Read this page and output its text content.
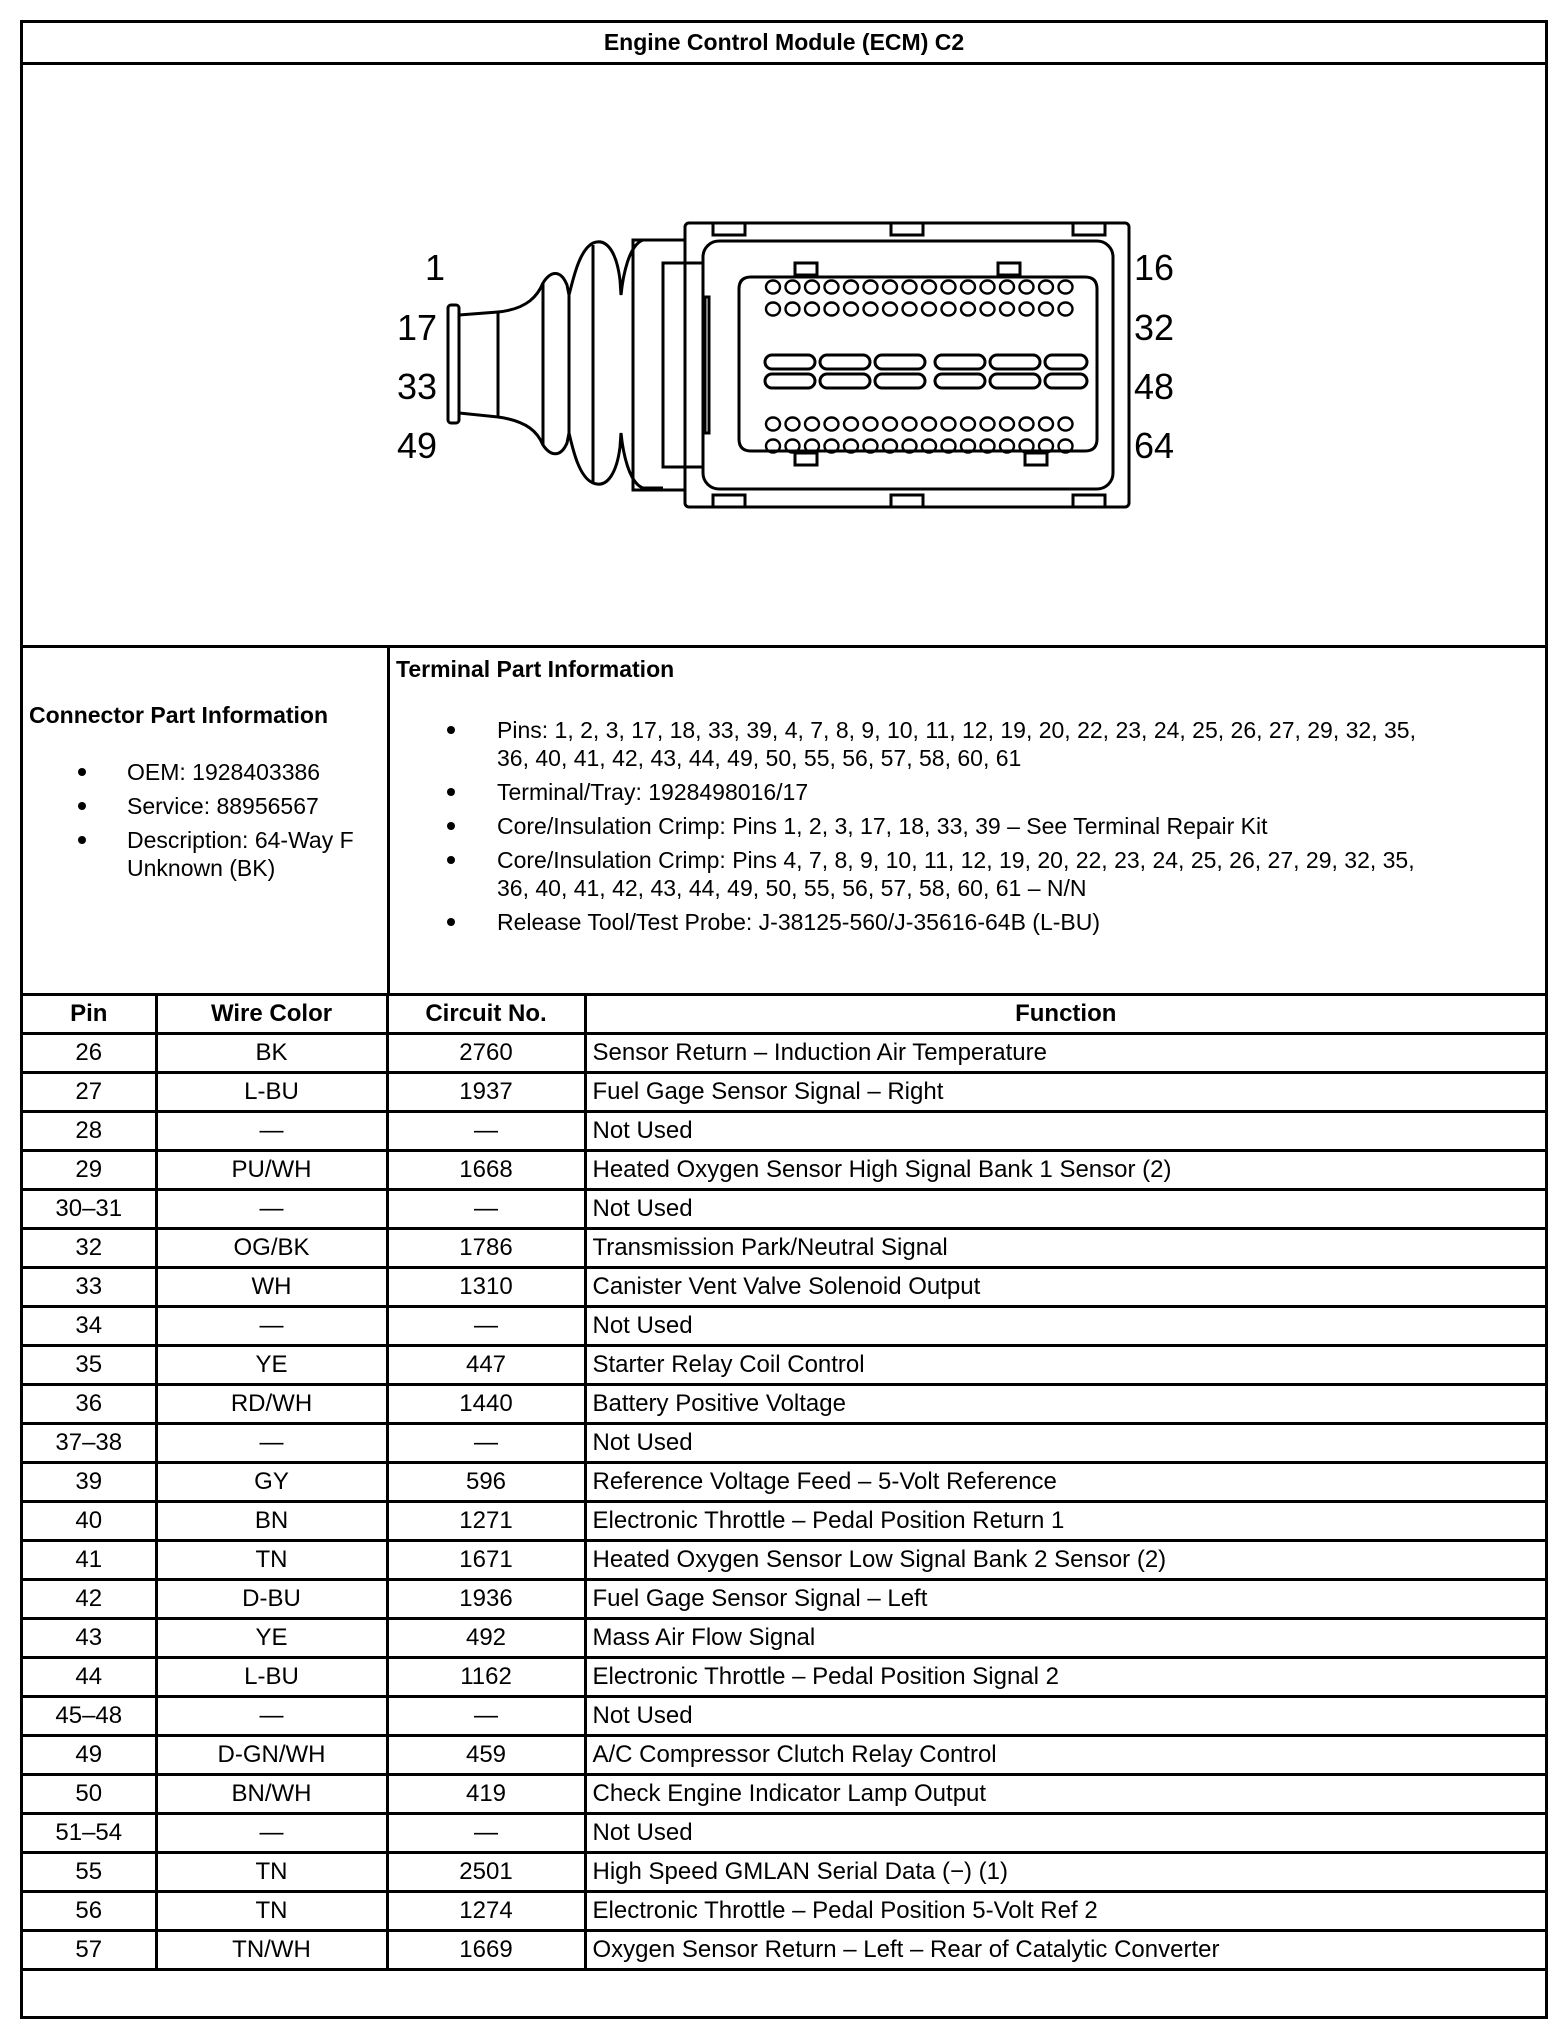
Engine Control Module (ECM) C2
1
17
33
49
16
32
48
64
Connector Part Information
OEM: 1928403386
Service: 88956567
Description: 64-Way F
Unknown (BK)
Terminal Part Information
Pins: 1, 2, 3, 17, 18, 33, 39, 4, 7, 8, 9, 10, 11, 12, 19, 20, 22, 23, 24, 25, 26, 27, 29, 32, 35,
36, 40, 41, 42, 43, 44, 49, 50, 55, 56, 57, 58, 60, 61
Terminal/Tray: 1928498016/17
Core/Insulation Crimp: Pins 1, 2, 3, 17, 18, 33, 39 – See Terminal Repair Kit
Core/Insulation Crimp: Pins 4, 7, 8, 9, 10, 11, 12, 19, 20, 22, 23, 24, 25, 26, 27, 29, 32, 35,
36, 40, 41, 42, 43, 44, 49, 50, 55, 56, 57, 58, 60, 61 – N/N
Release Tool/Test Probe: J-38125-560/J-35616-64B (L-BU)
Pin	Wire Color	Circuit No.	Function
26	BK	2760	Sensor Return – Induction Air Temperature
27	L-BU	1937	Fuel Gage Sensor Signal – Right
28	—	—	Not Used
29	PU/WH	1668	Heated Oxygen Sensor High Signal Bank 1 Sensor (2)
30–31	—	—	Not Used
32	OG/BK	1786	Transmission Park/Neutral Signal
33	WH	1310	Canister Vent Valve Solenoid Output
34	—	—	Not Used
35	YE	447	Starter Relay Coil Control
36	RD/WH	1440	Battery Positive Voltage
37–38	—	—	Not Used
39	GY	596	Reference Voltage Feed – 5-Volt Reference
40	BN	1271	Electronic Throttle – Pedal Position Return 1
41	TN	1671	Heated Oxygen Sensor Low Signal Bank 2 Sensor (2)
42	D-BU	1936	Fuel Gage Sensor Signal – Left
43	YE	492	Mass Air Flow Signal
44	L-BU	1162	Electronic Throttle – Pedal Position Signal 2
45–48	—	—	Not Used
49	D-GN/WH	459	A/C Compressor Clutch Relay Control
50	BN/WH	419	Check Engine Indicator Lamp Output
51–54	—	—	Not Used
55	TN	2501	High Speed GMLAN Serial Data (−) (1)
56	TN	1274	Electronic Throttle – Pedal Position 5-Volt Ref 2
57	TN/WH	1669	Oxygen Sensor Return – Left – Rear of Catalytic Converter
